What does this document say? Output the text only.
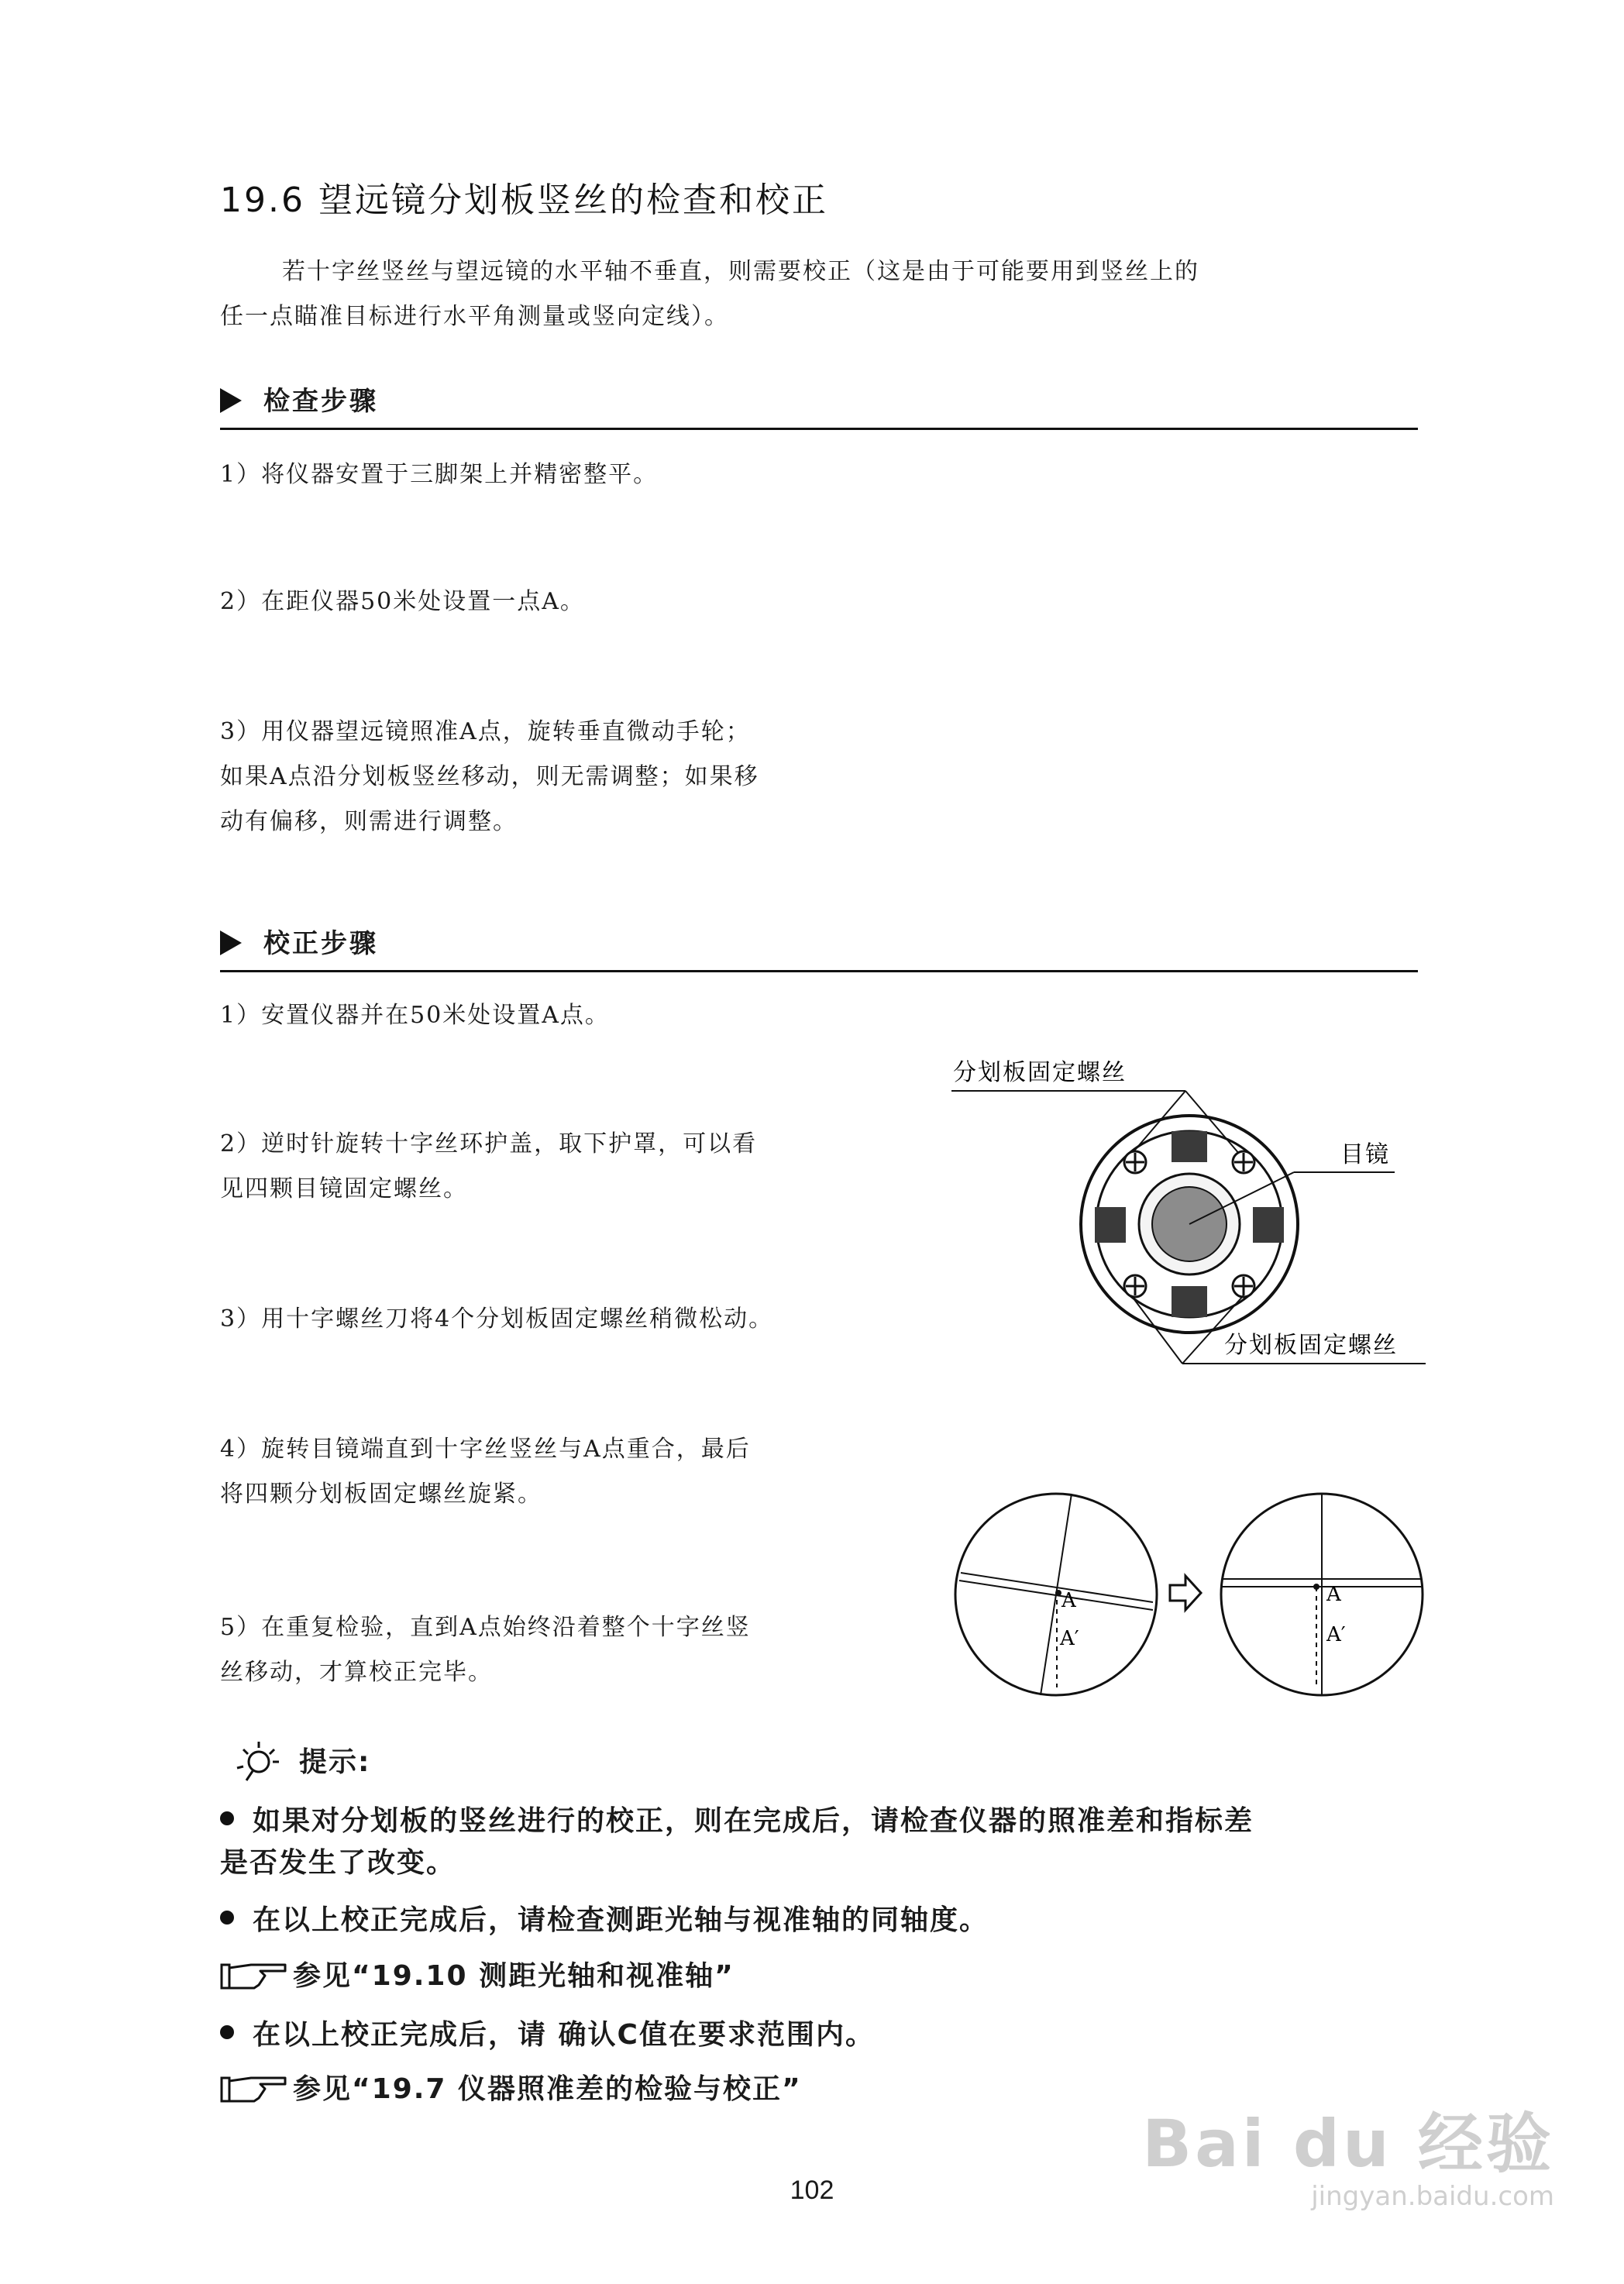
19.6 望远镜分划板竖丝的检查和校正

若十字丝竖丝与望远镜的水平轴不垂直，则需要校正（这是由于可能要用到竖丝上的

任一点瞄准目标进行水平角测量或竖向定线）。

检查步骤

1）将仪器安置于三脚架上并精密整平。

2）在距仪器50米处设置一点A。

3）用仪器望远镜照准A点，旋转垂直微动手轮；

如果A点沿分划板竖丝移动，则无需调整；如果移

动有偏移，则需进行调整。

校正步骤

1）安置仪器并在50米处设置A点。

2）逆时针旋转十字丝环护盖，取下护罩，可以看

见四颗目镜固定螺丝。

3）用十字螺丝刀将4个分划板固定螺丝稍微松动。

4）旋转目镜端直到十字丝竖丝与A点重合，最后

将四颗分划板固定螺丝旋紧。

5）在重复检验，直到A点始终沿着整个十字丝竖

丝移动，才算校正完毕。

分划板固定螺丝
目镜
分划板固定螺丝
A
A′
A
A′
提示:
如果对分划板的竖丝进行的校正，则在完成后，请检查仪器的照准差和指标差
是否发生了改变。
在以上校正完成后，请检查测距光轴与视准轴的同轴度。
参见“19.10 测距光轴和视准轴”
在以上校正完成后，请 确认C值在要求范围内。
参见“19.7 仪器照准差的检验与校正”
102
Bai du 经验
jingyan.baidu.com
